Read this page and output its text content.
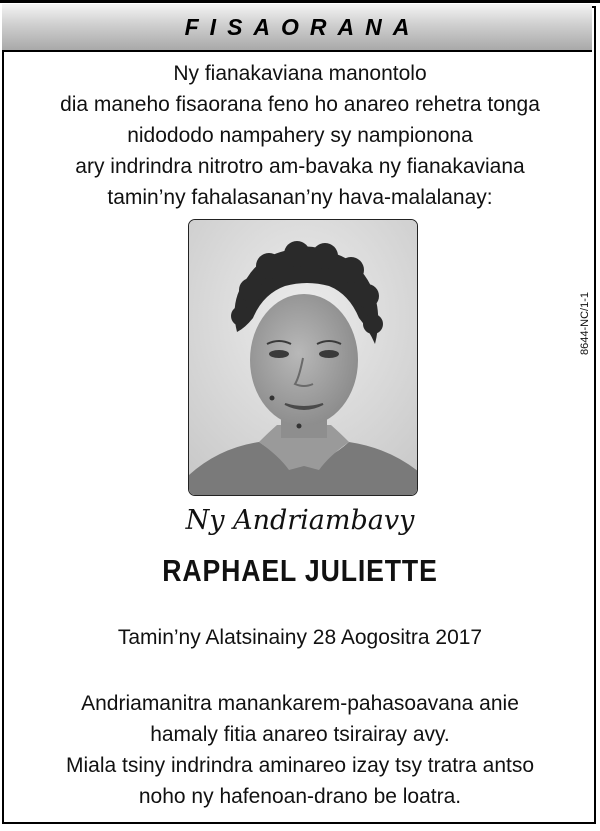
FISAORANA
Ny fianakaviana manontolo
dia maneho fisaorana feno ho anareo rehetra tonga
nidododo nampahery sy nampionona
ary indrindra nitrotro am-bavaka ny fianakaviana
tamin’ny fahalasanan’ny hava-malalanay:
Ny Andriambavy
RAPHAEL JULIETTE
Tamin’ny Alatsinainy 28 Aogositra 2017
Andriamanitra manankarem-pahasoavana anie
hamaly fitia anareo tsirairay avy.
Miala tsiny indrindra aminareo izay tsy tratra antso
noho ny hafenoan-drano be loatra.
8644-NC/1-1
